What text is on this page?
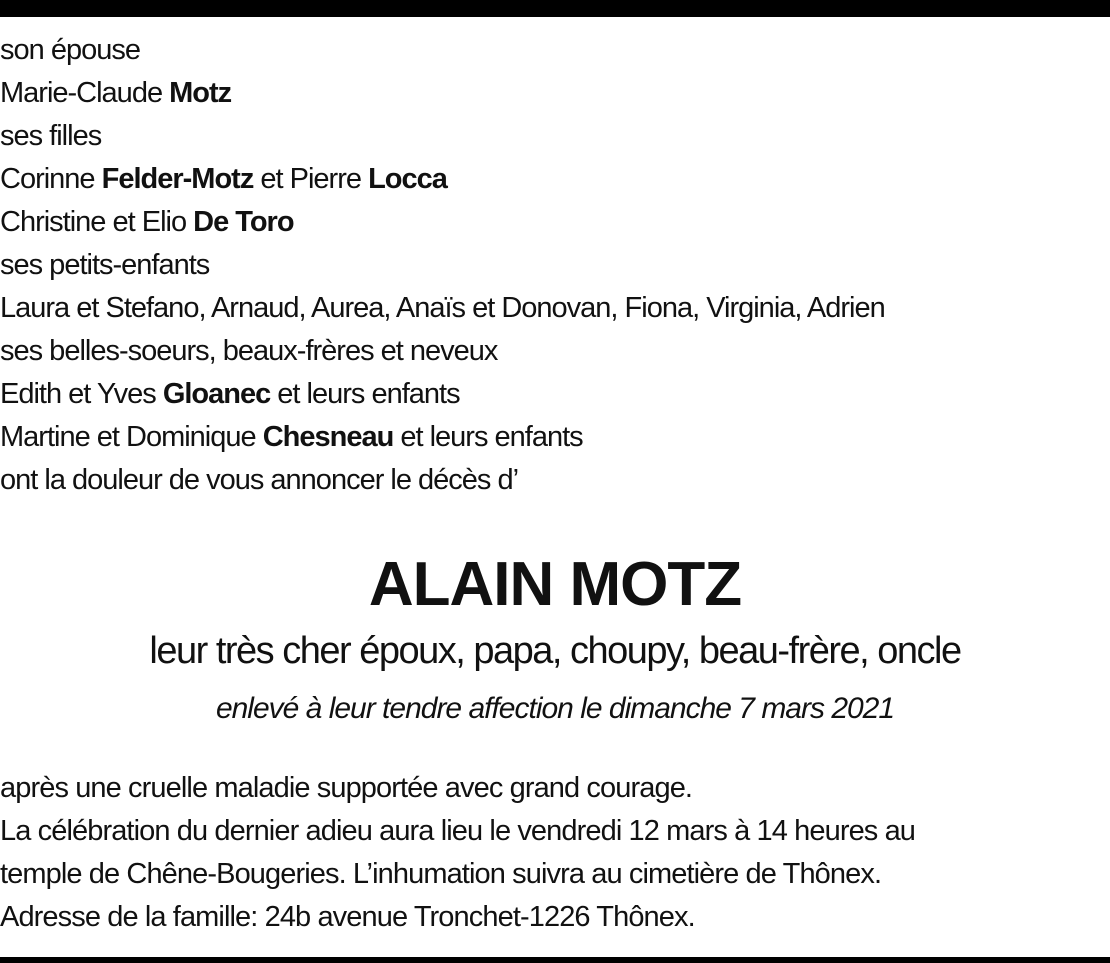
son épouse
Marie-Claude Motz
ses filles
Corinne Felder-Motz et Pierre Locca
Christine et Elio De Toro
ses petits-enfants
Laura et Stefano, Arnaud, Aurea, Anaïs et Donovan, Fiona, Virginia, Adrien
ses belles-soeurs, beaux-frères et neveux
Edith et Yves Gloanec et leurs enfants
Martine et Dominique Chesneau et leurs enfants
ont la douleur de vous annoncer le décès d’
ALAIN MOTZ
leur très cher époux, papa, choupy, beau-frère, oncle
enlevé à leur tendre affection le dimanche 7 mars 2021
après une cruelle maladie supportée avec grand courage.
La célébration du dernier adieu aura lieu le vendredi 12 mars à 14 heures au
temple de Chêne-Bougeries. L’inhumation suivra au cimetière de Thônex.
Adresse de la famille: 24b avenue Tronchet-1226 Thônex.
